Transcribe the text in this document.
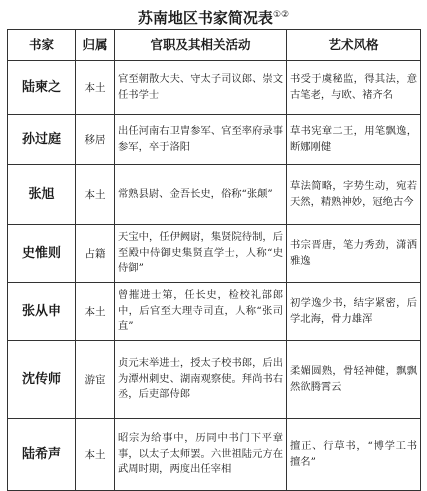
苏南地区书家简况表①②
书家	归属	官职及其相关活动	艺术风格
陆柬之	本土	官至朝散大夫、守太子司议郎、崇文任书学士	书受于虞秘监，得其法，意古笔老，与欧、褚齐名
孙过庭	移居	出任河南右卫胄参军、官至率府录事参军，卒于洛阳	草书宪章二王，用笔飘逸，断娜刚健
张旭	本土	常熟县尉、金吾长史，俗称“张颠”	草法简略，字势生动，宛若天然，精熟神妙，冠绝古今
史惟则	占籍	天宝中，任伊阙尉，集贤院待制，后至殿中侍御史集贤直学士，人称“史侍御”	书宗晋唐，笔力秀劲，潇洒雅逸
张从申	本土	曾摧进士第，任长史，检校礼部郎中，后官至大理寺司直，人称“张司直”	初学逸少书，结字紧密，后学北海，骨力雄浑
沈传师	游宦	贞元末举进士，授太子校书郎，后出为潭州刺史、湖南观察使。拜尚书右丞，后吏部侍郎	柔媚圆熟，骨轻神健，飘飘然欲腾霄云
陆希声	本土	昭宗为给事中，历同中书门下平章事，以太子太师罢。六世祖陆元方在武周时期，两度出任宰相	擅正、行草书，“博学工书擅名”
